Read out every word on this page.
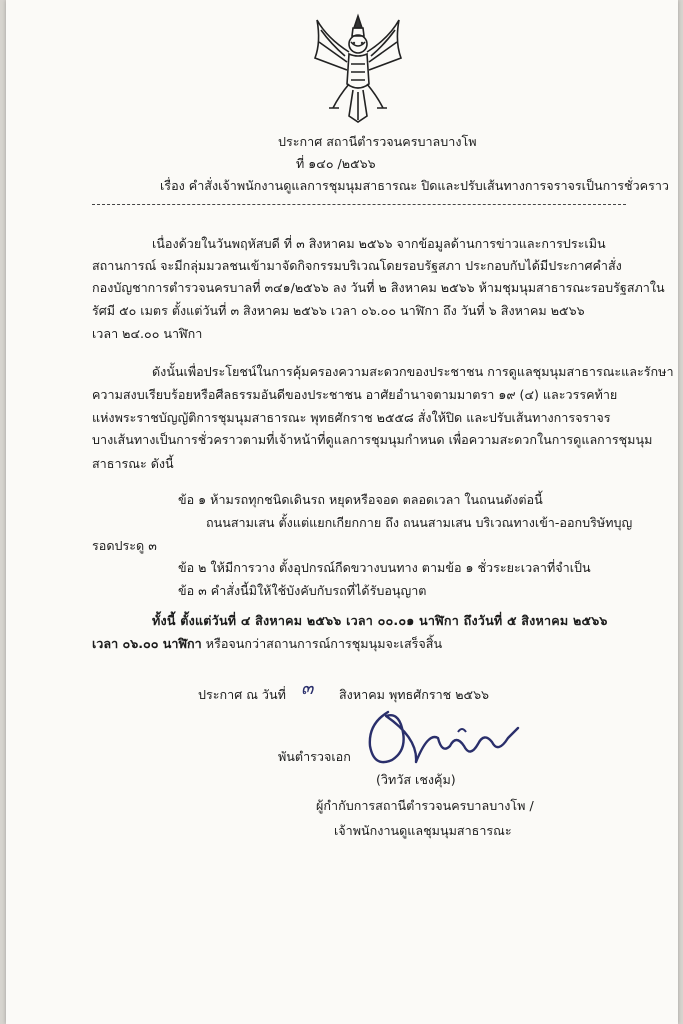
ประกาศ สถานีตำรวจนครบาลบางโพ
ที่ ๑๔๐ /๒๕๖๖
เรื่อง คำสั่งเจ้าพนักงานดูแลการชุมนุมสาธารณะ ปิดและปรับเส้นทางการจราจรเป็นการชั่วคราว
เนื่องด้วยในวันพฤหัสบดี ที่ ๓ สิงหาคม ๒๕๖๖ จากข้อมูลด้านการข่าวและการประเมิน
สถานการณ์ จะมีกลุ่มมวลชนเข้ามาจัดกิจกรรมบริเวณโดยรอบรัฐสภา ประกอบกับได้มีประกาศคำสั่ง
กองบัญชาการตำรวจนครบาลที่ ๓๔๑/๒๕๖๖ ลง วันที่ ๒ สิงหาคม ๒๕๖๖ ห้ามชุมนุมสาธารณะรอบรัฐสภาใน
รัศมี ๕๐ เมตร ตั้งแต่วันที่ ๓ สิงหาคม ๒๕๖๖ เวลา ๐๖.๐๐ นาฬิกา ถึง วันที่ ๖ สิงหาคม ๒๕๖๖
เวลา ๒๔.๐๐ นาฬิกา
ดังนั้นเพื่อประโยชน์ในการคุ้มครองความสะดวกของประชาชน การดูแลชุมนุมสาธารณะและรักษา
ความสงบเรียบร้อยหรือศีลธรรมอันดีของประชาชน อาศัยอำนาจตามมาตรา ๑๙ (๔) และวรรคท้าย
แห่งพระราชบัญญัติการชุมนุมสาธารณะ พุทธศักราช ๒๕๕๘ สั่งให้ปิด และปรับเส้นทางการจราจร
บางเส้นทางเป็นการชั่วคราวตามที่เจ้าหน้าที่ดูแลการชุมนุมกำหนด เพื่อความสะดวกในการดูแลการชุมนุม
สาธารณะ ดังนี้
ข้อ ๑ ห้ามรถทุกชนิดเดินรถ หยุดหรือจอด ตลอดเวลา ในถนนดังต่อนี้
ถนนสามเสน ตั้งแต่แยกเกียกกาย ถึง ถนนสามเสน บริเวณทางเข้า-ออกบริษัทบุญ
รอดประดู ๓
ข้อ ๒ ให้มีการวาง ตั้งอุปกรณ์กีดขวางบนทาง ตามข้อ ๑ ชั่วระยะเวลาที่จำเป็น
ข้อ ๓ คำสั่งนี้มิให้ใช้บังคับกับรถที่ได้รับอนุญาต
ทั้งนี้ ตั้งแต่วันที่ ๔ สิงหาคม ๒๕๖๖ เวลา ๐๐.๐๑ นาฬิกา ถึงวันที่ ๕ สิงหาคม ๒๕๖๖
เวลา ๐๖.๐๐ นาฬิกา หรือจนกว่าสถานการณ์การชุมนุมจะเสร็จสิ้น
ประกาศ ณ วันที่ ๓ สิงหาคม พุทธศักราช ๒๕๖๖
พันตำรวจเอก
(วิทวัส เชงคุ้ม)
ผู้กำกับการสถานีตำรวจนครบาลบางโพ /
เจ้าพนักงานดูแลชุมนุมสาธารณะ
